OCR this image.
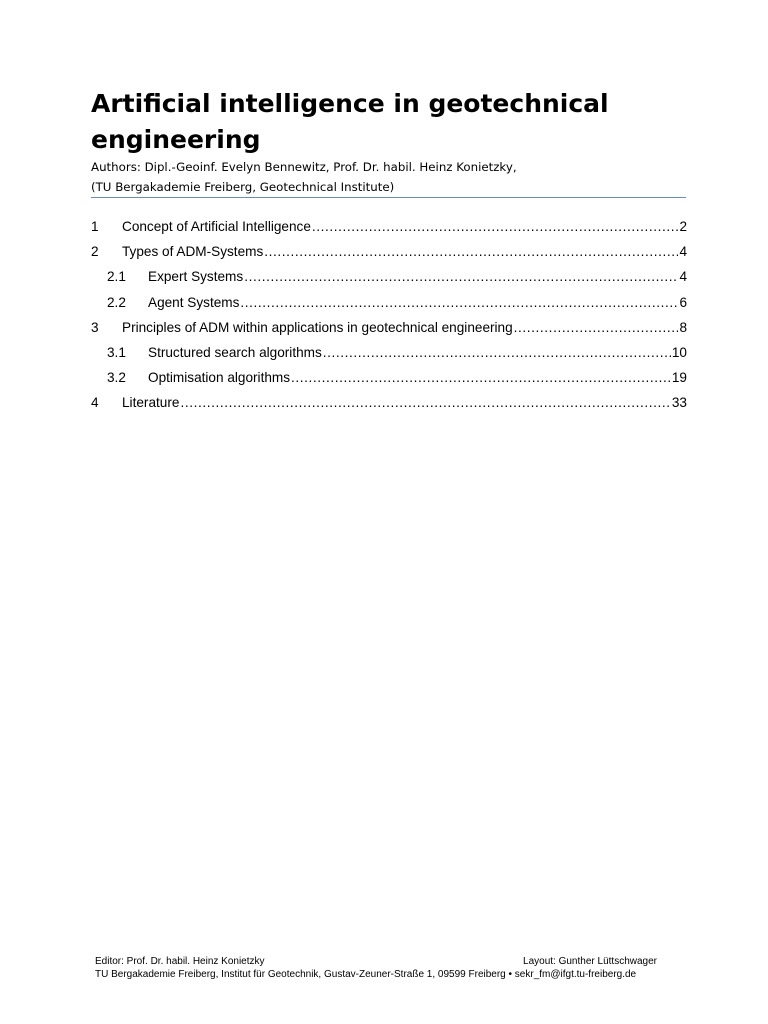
Artificial intelligence in geotechnical engineering
Authors: Dipl.-Geoinf. Evelyn Bennewitz, Prof. Dr. habil. Heinz Konietzky,
(TU Bergakademie Freiberg, Geotechnical Institute)
1	Concept of Artificial Intelligence .....	2
2	Types of ADM-Systems .....	4
2.1	Expert Systems .....	4
2.2	Agent Systems .....	6
3	Principles of ADM within applications in geotechnical engineering .....	8
3.1	Structured search algorithms .....	10
3.2	Optimisation algorithms .....	19
4	Literature .....	33
Editor: Prof. Dr. habil. Heinz Konietzky	Layout: Gunther Lüttschwager
TU Bergakademie Freiberg, Institut für Geotechnik, Gustav-Zeuner-Straße 1, 09599 Freiberg • sekr_fm@ifgt.tu-freiberg.de
